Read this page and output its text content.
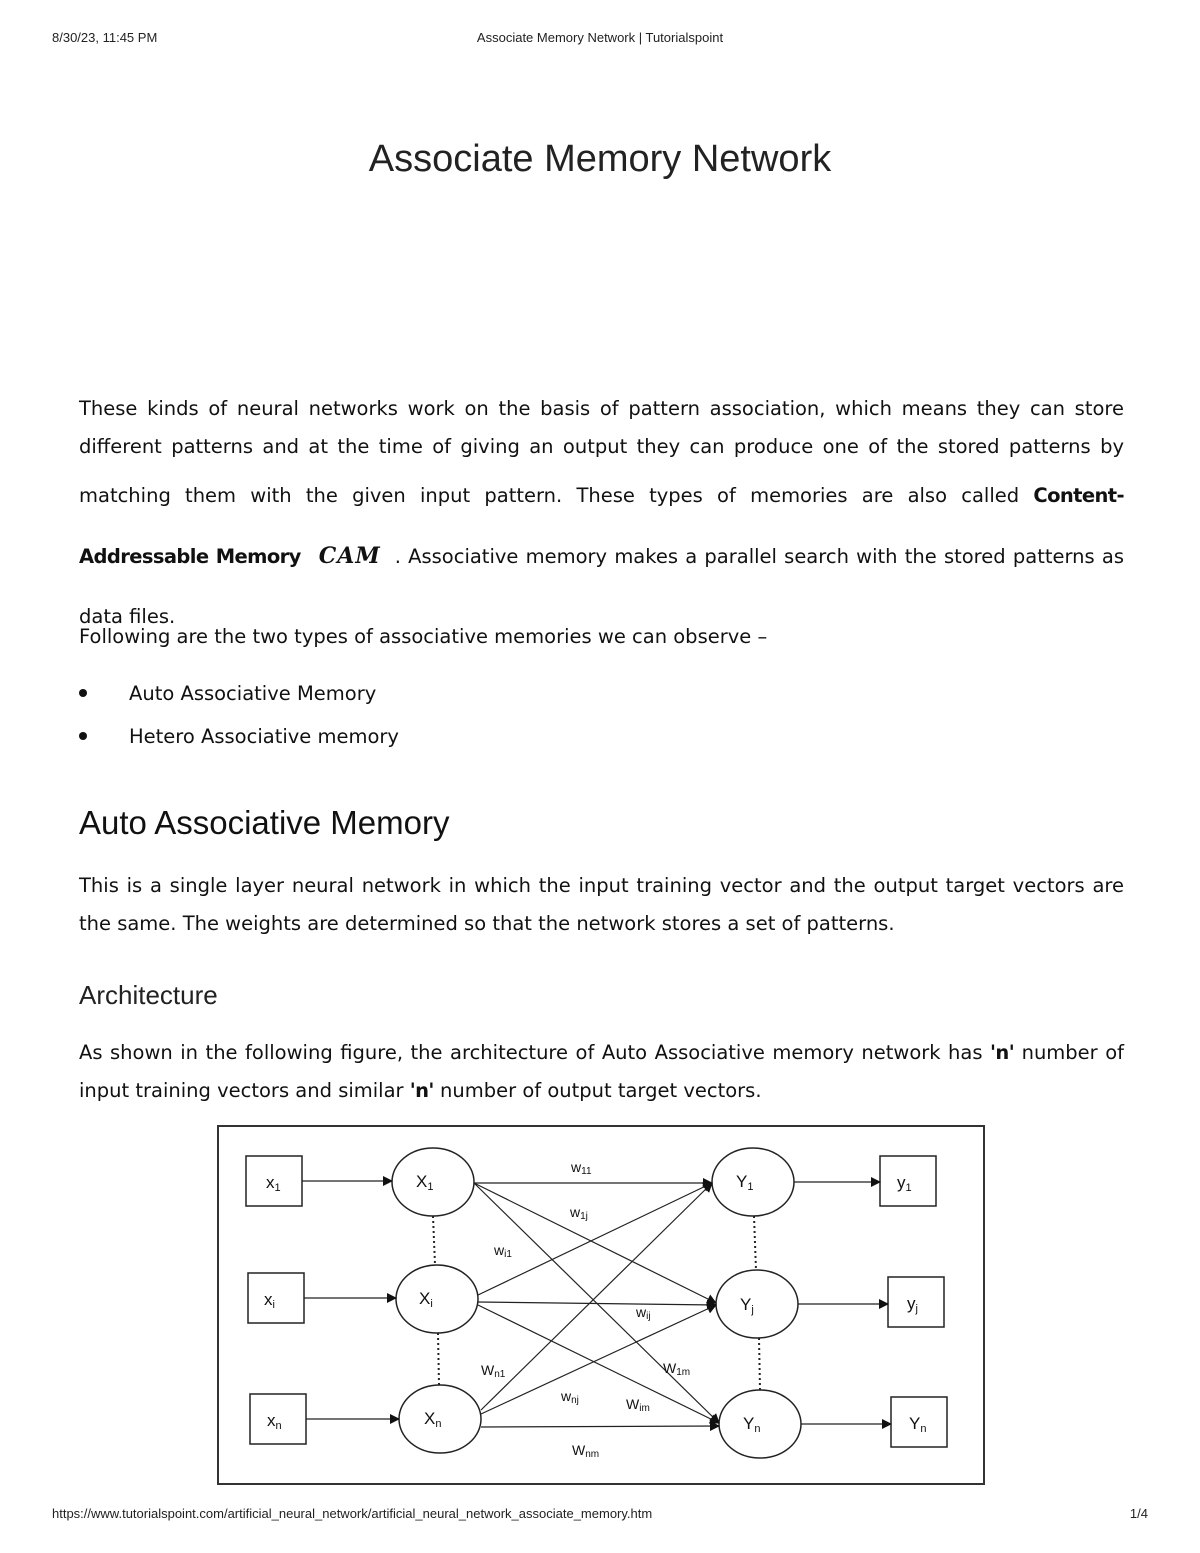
8/30/23, 11:45 PM	Associate Memory Network | Tutorialspoint
Associate Memory Network

These kinds of neural networks work on the basis of pattern association, which means they can store different patterns and at the time of giving an output they can produce one of the stored patterns by matching them with the given input pattern. These types of memories are also called Content-Addressable Memory CAM . Associative memory makes a parallel search with the stored patterns as data files.

Following are the two types of associative memories we can observe –

Auto Associative Memory
Hetero Associative memory
Auto Associative Memory

This is a single layer neural network in which the input training vector and the output target vectors are the same. The weights are determined so that the network stores a set of patterns.

Architecture

As shown in the following figure, the architecture of Auto Associative memory network has 'n' number of input training vectors and similar 'n' number of output target vectors.

x1
xi
xn
X1
Xi
Xn
Y1
Yj
Yn
y1
yj
Yn
w11
w1j
wi1
wij
W1m
Wn1
wnj	Wim
Wnm
https://www.tutorialspoint.com/artificial_neural_network/artificial_neural_network_associate_memory.htm	1/4
